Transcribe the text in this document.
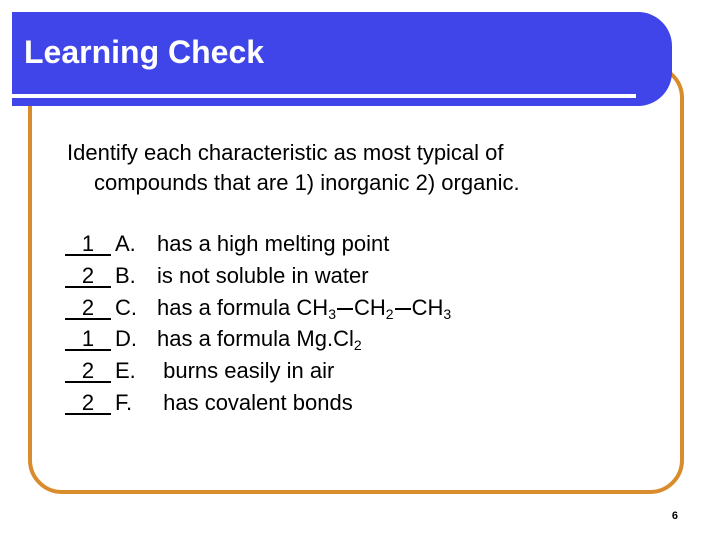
Learning Check

Identify each characteristic as most typical of
compounds that are 1) inorganic 2) organic.

1 A. has a high melting point
2 B. is not soluble in water
2 C. has a formula $CH_3$ $CH_2$ $CH_3$
1 D. has a formula $Mg.Cl_2$
2 E. burns easily in air
2 F. has covalent bonds
6
